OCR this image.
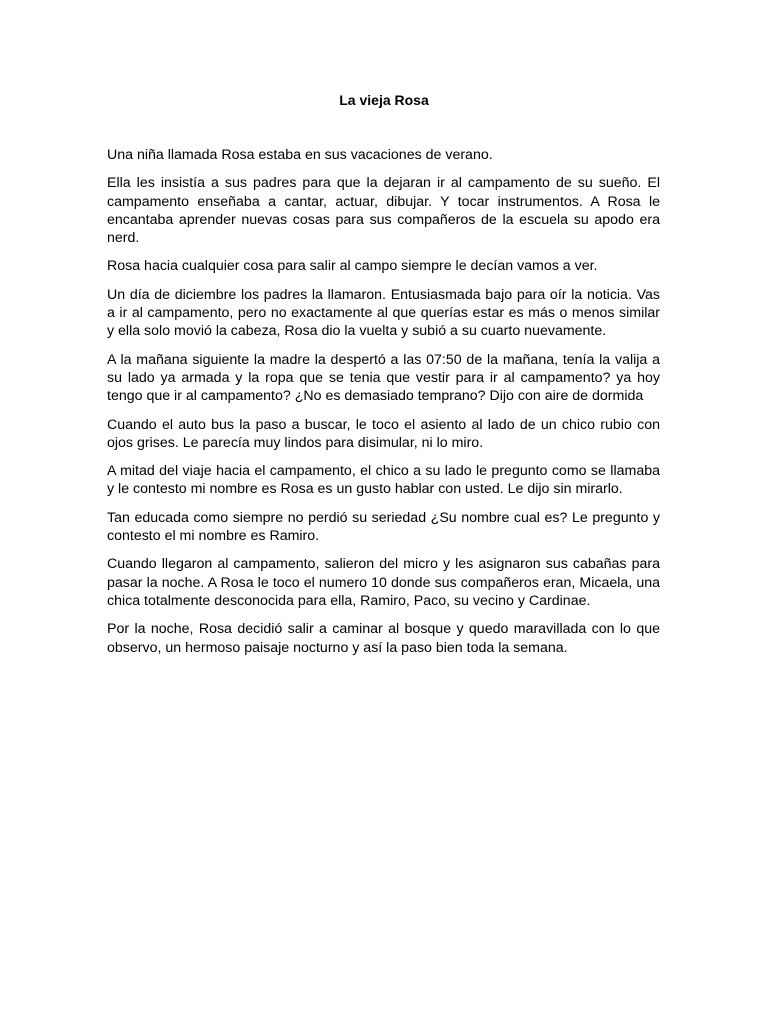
La vieja Rosa

Una niña llamada Rosa estaba en sus vacaciones de verano.

Ella les insistía a sus padres para que la dejaran ir al campamento de su sueño. El campamento enseñaba a cantar, actuar, dibujar. Y tocar instrumentos. A Rosa le encantaba aprender nuevas cosas para sus compañeros de la escuela su apodo era nerd.

Rosa hacia cualquier cosa para salir al campo siempre le decían vamos a ver.

Un día de diciembre los padres la llamaron. Entusiasmada bajo para oír la noticia. Vas a ir al campamento, pero no exactamente al que querías estar es más o menos similar y ella solo movió la cabeza, Rosa dio la vuelta y subió a su cuarto nuevamente.

A la mañana siguiente la madre la despertó a las 07:50 de la mañana, tenía la valija a su lado ya armada y la ropa que se tenia que vestir para ir al campamento? ya hoy tengo que ir al campamento? ¿No es demasiado temprano? Dijo con aire de dormida

Cuando el auto bus la paso a buscar, le toco el asiento al lado de un chico rubio con ojos grises. Le parecía muy lindos para disimular, ni lo miro.

A mitad del viaje hacia el campamento, el chico a su lado le pregunto como se llamaba y le contesto mi nombre es Rosa es un gusto hablar con usted. Le dijo sin mirarlo.

Tan educada como siempre no perdió su seriedad ¿Su nombre cual es? Le pregunto y contesto el mi nombre es Ramiro.

Cuando llegaron al campamento, salieron del micro y les asignaron sus cabañas para pasar la noche. A Rosa le toco el numero 10 donde sus compañeros eran, Micaela, una chica totalmente desconocida para ella, Ramiro, Paco, su vecino y Cardinae.

Por la noche, Rosa decidió salir a caminar al bosque y quedo maravillada con lo que observo, un hermoso paisaje nocturno y así la paso bien toda la semana.
